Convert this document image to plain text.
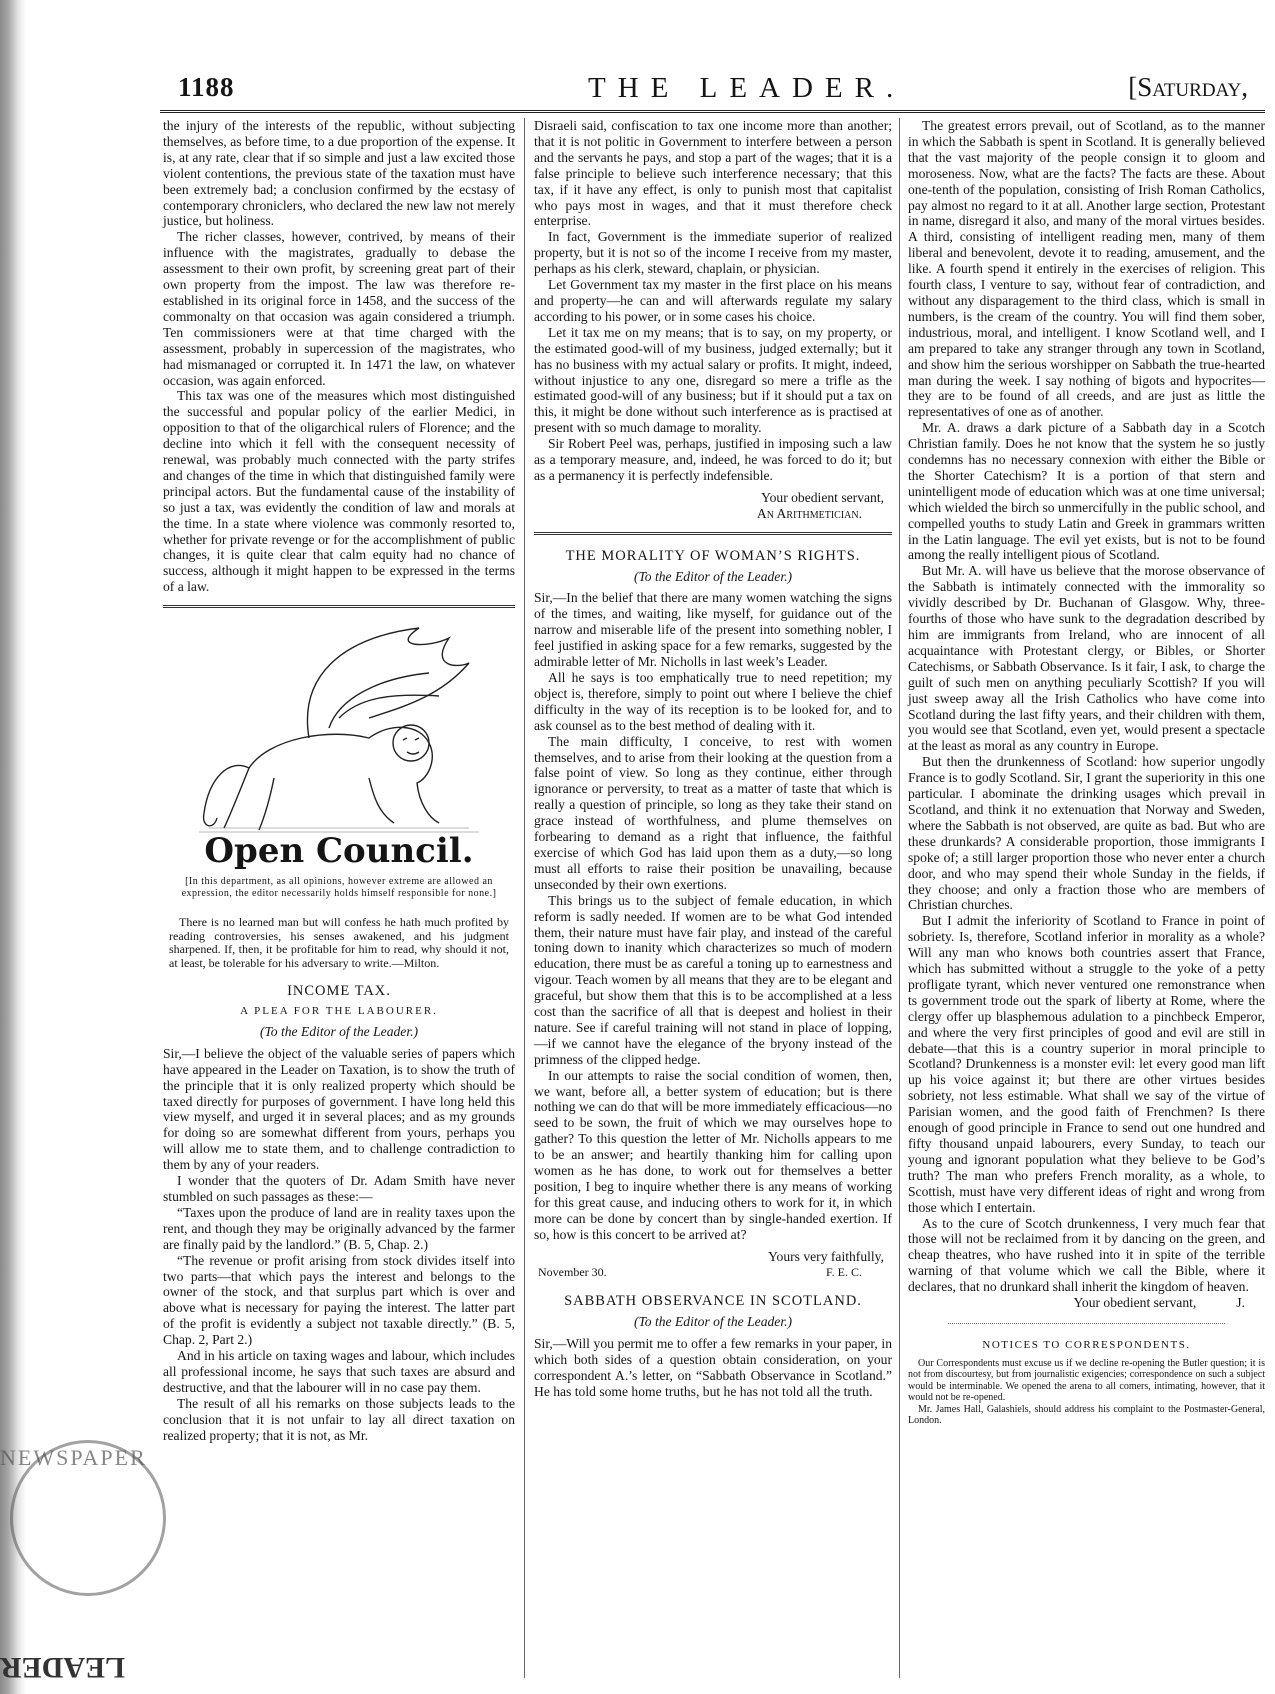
1188	THE LEADER.	[Saturday,

the injury of the interests of the republic, without subjecting themselves, as before time, to a due proportion of the expense. It is, at any rate, clear that if so simple and just a law excited those violent contentions, the previous state of the taxation must have been extremely bad; a conclusion confirmed by the ecstasy of contemporary chroniclers, who declared the new law not merely justice, but holiness.

The richer classes, however, contrived, by means of their influence with the magistrates, gradually to debase the assessment to their own profit, by screening great part of their own property from the impost. The law was therefore re-established in its original force in 1458, and the success of the commonalty on that occasion was again considered a triumph. Ten commissioners were at that time charged with the assessment, probably in supercession of the magistrates, who had mismanaged or corrupted it. In 1471 the law, on whatever occasion, was again enforced.

This tax was one of the measures which most distinguished the successful and popular policy of the earlier Medici, in opposition to that of the oligarchical rulers of Florence; and the decline into which it fell with the consequent necessity of renewal, was probably much connected with the party strifes and changes of the time in which that distinguished family were principal actors. But the fundamental cause of the instability of so just a tax, was evidently the condition of law and morals at the time. In a state where violence was commonly resorted to, whether for private revenge or for the accomplishment of public changes, it is quite clear that calm equity had no chance of success, although it might happen to be expressed in the terms of a law.

Open Council.

[In this department, as all opinions, however extreme are allowed an expression, the editor necessarily holds himself responsible for none.]

There is no learned man but will confess he hath much profited by reading controversies, his senses awakened, and his judgment sharpened. If, then, it be profitable for him to read, why should it not, at least, be tolerable for his adversary to write.—Milton.

INCOME TAX.
A PLEA FOR THE LABOURER.

(To the Editor of the Leader.)

Sir,—I believe the object of the valuable series of papers which have appeared in the Leader on Taxation, is to show the truth of the principle that it is only realized property which should be taxed directly for purposes of government. I have long held this view myself, and urged it in several places; and as my grounds for doing so are somewhat different from yours, perhaps you will allow me to state them, and to challenge contradiction to them by any of your readers.

I wonder that the quoters of Dr. Adam Smith have never stumbled on such passages as these:—

“Taxes upon the produce of land are in reality taxes upon the rent, and though they may be originally advanced by the farmer are finally paid by the landlord.” (B. 5, Chap. 2.)

“The revenue or profit arising from stock divides itself into two parts—that which pays the interest and belongs to the owner of the stock, and that surplus part which is over and above what is necessary for paying the interest. The latter part of the profit is evidently a subject not taxable directly.” (B. 5, Chap. 2, Part 2.)

And in his article on taxing wages and labour, which includes all professional income, he says that such taxes are absurd and destructive, and that the labourer will in no case pay them.

The result of all his remarks on those subjects leads to the conclusion that it is not unfair to lay all direct taxation on realized property; that it is not, as Mr.

Disraeli said, confiscation to tax one income more than another; that it is not politic in Government to interfere between a person and the servants he pays, and stop a part of the wages; that it is a false principle to believe such interference necessary; that this tax, if it have any effect, is only to punish most that capitalist who pays most in wages, and that it must therefore check enterprise.

In fact, Government is the immediate superior of realized property, but it is not so of the income I receive from my master, perhaps as his clerk, steward, chaplain, or physician.

Let Government tax my master in the first place on his means and property—he can and will afterwards regulate my salary according to his power, or in some cases his choice.

Let it tax me on my means; that is to say, on my property, or the estimated good-will of my business, judged externally; but it has no business with my actual salary or profits. It might, indeed, without injustice to any one, disregard so mere a trifle as the estimated good-will of any business; but if it should put a tax on this, it might be done without such interference as is practised at present with so much damage to morality.

Sir Robert Peel was, perhaps, justified in imposing such a law as a temporary measure, and, indeed, he was forced to do it; but as a permanency it is perfectly indefensible.

Your obedient servant,

An Arithmetician.

THE MORALITY OF WOMAN’S RIGHTS.

(To the Editor of the Leader.)

Sir,—In the belief that there are many women watching the signs of the times, and waiting, like myself, for guidance out of the narrow and miserable life of the present into something nobler, I feel justified in asking space for a few remarks, suggested by the admirable letter of Mr. Nicholls in last week’s Leader.

All he says is too emphatically true to need repetition; my object is, therefore, simply to point out where I believe the chief difficulty in the way of its reception is to be looked for, and to ask counsel as to the best method of dealing with it.

The main difficulty, I conceive, to rest with women themselves, and to arise from their looking at the question from a false point of view. So long as they continue, either through ignorance or perversity, to treat as a matter of taste that which is really a question of principle, so long as they take their stand on grace instead of worthfulness, and plume themselves on forbearing to demand as a right that influence, the faithful exercise of which God has laid upon them as a duty,—so long must all efforts to raise their position be unavailing, because unseconded by their own exertions.

This brings us to the subject of female education, in which reform is sadly needed. If women are to be what God intended them, their nature must have fair play, and instead of the careful toning down to inanity which characterizes so much of modern education, there must be as careful a toning up to earnestness and vigour. Teach women by all means that they are to be elegant and graceful, but show them that this is to be accomplished at a less cost than the sacrifice of all that is deepest and holiest in their nature. See if careful training will not stand in place of lopping,—if we cannot have the elegance of the bryony instead of the primness of the clipped hedge.

In our attempts to raise the social condition of women, then, we want, before all, a better system of education; but is there nothing we can do that will be more immediately efficacious—no seed to be sown, the fruit of which we may ourselves hope to gather? To this question the letter of Mr. Nicholls appears to me to be an answer; and heartily thanking him for calling upon women as he has done, to work out for themselves a better position, I beg to inquire whether there is any means of working for this great cause, and inducing others to work for it, in which more can be done by concert than by single-handed exertion. If so, how is this concert to be arrived at?

Yours very faithfully,

November 30.	F. E. C.
SABBATH OBSERVANCE IN SCOTLAND.

(To the Editor of the Leader.)

Sir,—Will you permit me to offer a few remarks in your paper, in which both sides of a question obtain consideration, on your correspondent A.’s letter, on “Sabbath Observance in Scotland.” He has told some home truths, but he has not told all the truth.

The greatest errors prevail, out of Scotland, as to the manner in which the Sabbath is spent in Scotland. It is generally believed that the vast majority of the people consign it to gloom and moroseness. Now, what are the facts? The facts are these. About one-tenth of the population, consisting of Irish Roman Catholics, pay almost no regard to it at all. Another large section, Protestant in name, disregard it also, and many of the moral virtues besides. A third, consisting of intelligent reading men, many of them liberal and benevolent, devote it to reading, amusement, and the like. A fourth spend it entirely in the exercises of religion. This fourth class, I venture to say, without fear of contradiction, and without any disparagement to the third class, which is small in numbers, is the cream of the country. You will find them sober, industrious, moral, and intelligent. I know Scotland well, and I am prepared to take any stranger through any town in Scotland, and show him the serious worshipper on Sabbath the true-hearted man during the week. I say nothing of bigots and hypocrites—they are to be found of all creeds, and are just as little the representatives of one as of another.

Mr. A. draws a dark picture of a Sabbath day in a Scotch Christian family. Does he not know that the system he so justly condemns has no necessary connexion with either the Bible or the Shorter Catechism? It is a portion of that stern and unintelligent mode of education which was at one time universal; which wielded the birch so unmercifully in the public school, and compelled youths to study Latin and Greek in grammars written in the Latin language. The evil yet exists, but is not to be found among the really intelligent pious of Scotland.

But Mr. A. will have us believe that the morose observance of the Sabbath is intimately connected with the immorality so vividly described by Dr. Buchanan of Glasgow. Why, three-fourths of those who have sunk to the degradation described by him are immigrants from Ireland, who are innocent of all acquaintance with Protestant clergy, or Bibles, or Shorter Catechisms, or Sabbath Observance. Is it fair, I ask, to charge the guilt of such men on anything peculiarly Scottish? If you will just sweep away all the Irish Catholics who have come into Scotland during the last fifty years, and their children with them, you would see that Scotland, even yet, would present a spectacle at the least as moral as any country in Europe.

But then the drunkenness of Scotland: how superior ungodly France is to godly Scotland. Sir, I grant the superiority in this one particular. I abominate the drinking usages which prevail in Scotland, and think it no extenuation that Norway and Sweden, where the Sabbath is not observed, are quite as bad. But who are these drunkards? A considerable proportion, those immigrants I spoke of; a still larger proportion those who never enter a church door, and who may spend their whole Sunday in the fields, if they choose; and only a fraction those who are members of Christian churches.

But I admit the inferiority of Scotland to France in point of sobriety. Is, therefore, Scotland inferior in morality as a whole? Will any man who knows both countries assert that France, which has submitted without a struggle to the yoke of a petty profligate tyrant, which never ventured one remonstrance when ts government trode out the spark of liberty at Rome, where the clergy offer up blasphemous adulation to a pinchbeck Emperor, and where the very first principles of good and evil are still in debate—that this is a country superior in moral principle to Scotland? Drunkenness is a monster evil: let every good man lift up his voice against it; but there are other virtues besides sobriety, not less estimable. What shall we say of the virtue of Parisian women, and the good faith of Frenchmen? Is there enough of good principle in France to send out one hundred and fifty thousand unpaid labourers, every Sunday, to teach our young and ignorant population what they believe to be God’s truth? The man who prefers French morality, as a whole, to Scottish, must have very different ideas of right and wrong from those which I entertain.

As to the cure of Scotch drunkenness, I very much fear that those will not be reclaimed from it by dancing on the green, and cheap theatres, who have rushed into it in spite of the terrible warning of that volume which we call the Bible, where it declares, that no drunkard shall inherit the kingdom of heaven.

Your obedient servant,	J.

NOTICES TO CORRESPONDENTS.

Our Correspondents must excuse us if we decline re-opening the Butler question; it is not from discourtesy, but from journalistic exigencies; correspondence on such a subject would be interminable. We opened the arena to all comers, intimating, however, that it would not be re-opened.

Mr. James Hall, Galashiels, should address his complaint to the Postmaster-General, London.

NEWSPAPER
LEADER
